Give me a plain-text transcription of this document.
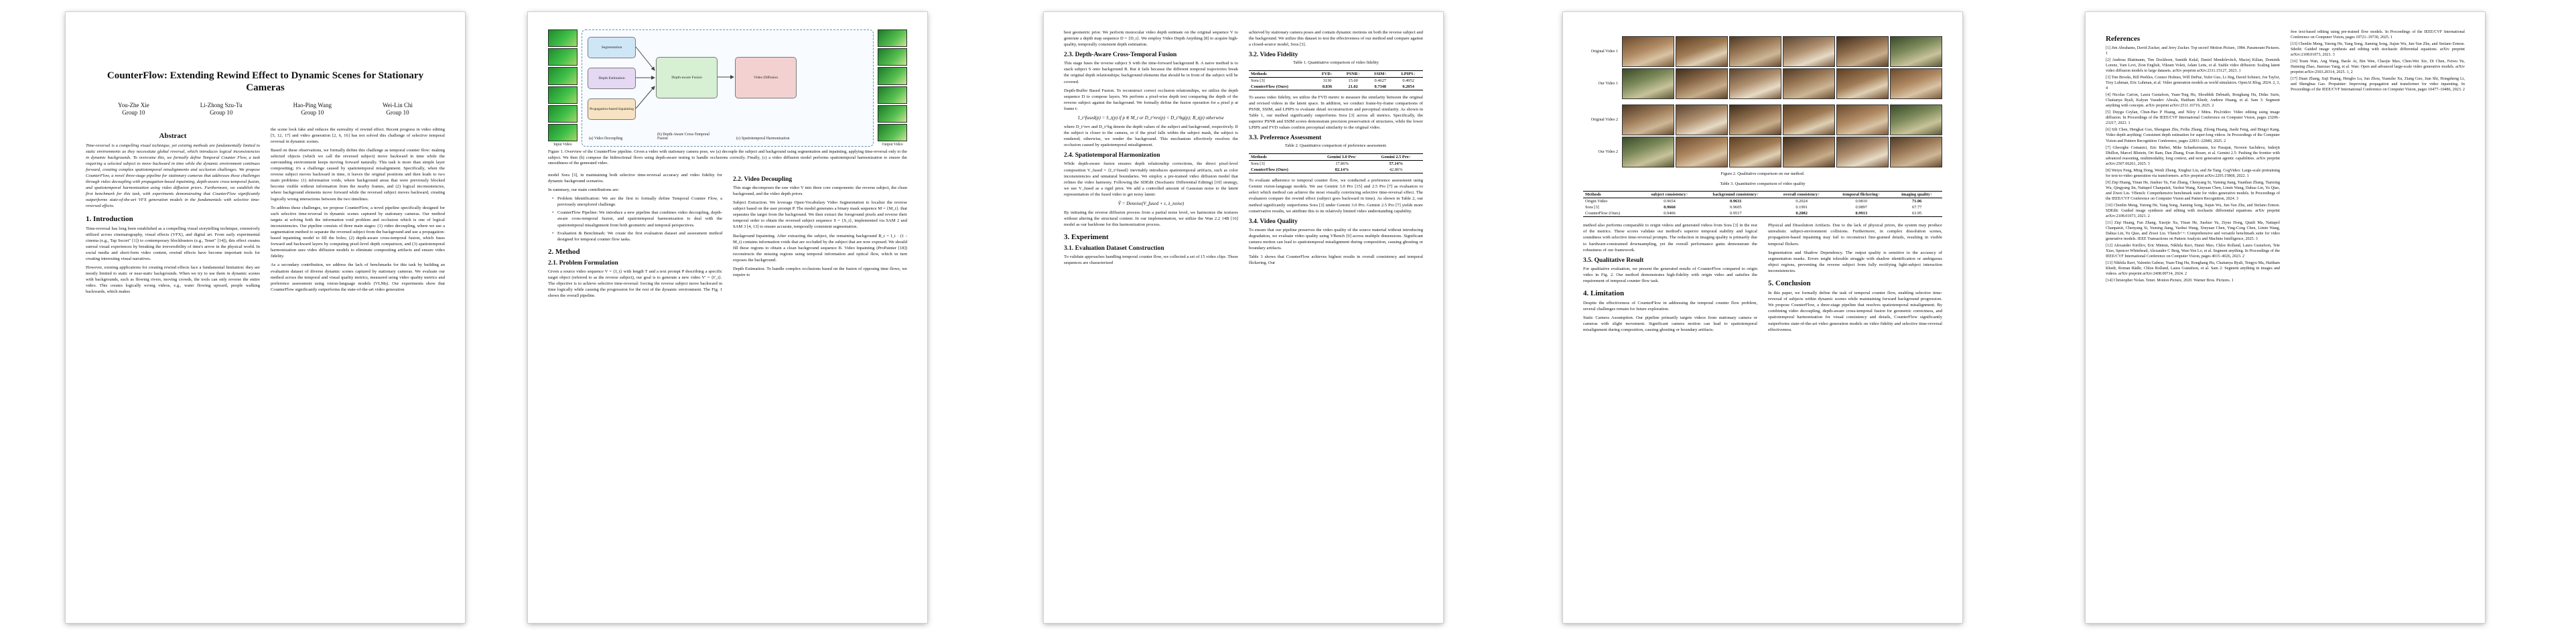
CounterFlow: Extending Rewind Effect to Dynamic Scenes for Stationary Cameras
You-Zhe Xie
Group 10
Li-Zhong Szu-Tu
Group 10
Hao-Ping Wang
Group 10
Wei-Lin Chi
Group 10
Abstract

Time-reversal is a compelling visual technique, yet existing methods are fundamentally limited to static environments as they necessitate global reversal, which introduces logical inconsistencies in dynamic backgrounds. To overcome this, we formally define Temporal Counter Flow, a task requiring a selected subject to move backward in time while the dynamic environment continues forward, creating complex spatiotemporal misalignments and occlusion challenges. We propose CounterFlow, a novel three-stage pipeline for stationary cameras that addresses these challenges through video decoupling with propagation-based inpainting, depth-aware cross-temporal fusion, and spatiotemporal harmonization using video diffusion priors. Furthermore, we establish the first benchmark for this task, with experiments demonstrating that CounterFlow significantly outperforms state-of-the-art VFX generation models in the fundamentals with selective time-reversed effects.

1. Introduction

Time-reversal has long been established as a compelling visual storytelling technique, extensively utilized across cinematography, visual effects (VFX), and digital art. From early experimental cinema (e.g., Tap Secret" [1]) to contemporary blockbusters (e.g., Tenet" [14]), this effect creates surreal visual experiences by breaking the irreversibility of time's arrow in the physical world. In social media and short-form video content, rewind effects have become important tools for creating interesting visual narratives.

However, existing applications for creating rewind effects face a fundamental limitation: they are mostly limited to static or near-static backgrounds. When we try to use them in dynamic scenes with backgrounds, such as flowing rivers, moving crowds, the tools can only reverse the entire video. This creates logically wrong videos, e.g., water flowing upward, people walking backwards, which makes

the scene look fake and reduces the surreality of rewind effect. Recent progress in video editing [5, 12, 17] and video generation [2, 6, 16] has not solved this challenge of selective temporal reversal in dynamic scenes.

Based on these observations, we formally define this challenge as temporal counter flow: making selected objects (which we call the reversed subject) move backward in time while the surrounding environment keeps moving forward naturally. This task is more than simple layer compositing; it's a challenge caused by spatiotemporal misalignment. Specifically, when the reverse subject moves backward in time, it leaves the original positions and then leads to two main problems: (1) information voids, where background areas that were previously blocked become visible without information from the nearby frames, and (2) logical inconsistencies, where background elements move forward while the reversed subject moves backward, creating logically wrong interactions between the two timelines.

To address these challenges, we propose CounterFlow, a novel pipeline specifically designed for such selective time-reversal in dynamic scenes captured by stationary cameras. Our method targets at solving both the information void problem and occlusion which is one of logical inconsistencies. Our pipeline consists of three main stages: (1) video decoupling, where we use a segmentation method to separate the reversed subject from the background and use a propagation-based inpainting model to fill the holes; (2) depth-aware cross-temporal fusion, which fuses forward and backward layers by computing pixel-level depth comparison, and (3) spatiotemporal harmonization uses video diffusion models to eliminate compositing artifacts and ensure video fidelity.

As a secondary contribution, we address the lack of benchmarks for this task by building an evaluation dataset of diverse dynamic scenes captured by stationary cameras. We evaluate our method across the temporal and visual quality metrics, measured using video quality metrics and preference assessment using vision-language models (VLMs). Our experiments show that CounterFlow significantly outperforms the state-of-the-art video generation

Input Video
Segmentation
Depth Estimation
Propagation-based Inpainting
Depth-aware Fusion	Video Diffusion
(a) Video Decoupling
(b) Depth-Aware Cross-Temporal Fusion	(c) Spatiotemporal Harmonization
Output Video

Figure 1. Overview of the CounterFlow pipeline. Given a video with stationary camera pose, we (a) decouple the subject and background using segmentation and inpainting, applying time-reversal only to the subject. We then (b) compose the bidirectional flows using depth-aware testing to handle occlusions correctly. Finally, (c) a video diffusion model performs spatiotemporal harmonization to ensure the smoothness of the generated video.

model Sora [3], in maintaining both selective time-reversal accuracy and video fidelity for dynamic background scenarios.

In summary, our main contributions are:

• Problem Identification: We are the first to formally define Temporal Counter Flow, a previously unexplored challenge.

• CounterFlow Pipeline: We introduce a new pipeline that combines video decoupling, depth-aware cross-temporal fusion, and spatiotemporal harmonization to deal with the spatiotemporal misalignment from both geometric and temporal perspectives.

• Evaluation & Benchmark: We create the first evaluation dataset and assessment method designed for temporal counter flow tasks.

2. Method
2.1. Problem Formulation

Given a source video sequence V = {I_t} with length T and a text prompt P describing a specific target object (referred to as the reverse subject), our goal is to generate a new video V' = {I'_t}. The objective is to achieve selective time-reversal: forcing the reverse subject move backward in time logically while causing the progression for the rest of the dynamic environment. The Fig. 1 shows the overall pipeline.

2.2. Video Decoupling

This stage decomposes the raw video V into three core components: the reverse subject, the clean background, and the video depth priors.

Subject Extraction. We leverage Open-Vocabulary Video Segmentation to localize the reverse subject based on the user prompt P. The model generates a binary mask sequence M = {M_t}. that separates the target from the background. We then extract the foreground pixels and reverse their temporal order to obtain the reversed subject sequence S = {S_t}, implemented via SAM 2 and SAM 3 [4, 13] to ensure accurate, temporally consistent segmentation.

Background Inpainting. After extracting the subject, the remaining background B_t = I_t · (1 - M_t) contains information voids that are occluded by the subject that are now exposed. We should fill these regions to obtain a clean background sequence B. Video Inpainting (ProPainter [18]) reconstructs the missing regions using temporal information and optical flow, which in turn exposes the background.

Depth Estimation. To handle complex occlusions based on the fusion of opposing time flows, we require to

best geometric prior. We perform monocular video depth estimate on the original sequence V to generate a depth map sequence D = {D_t}. We employ Video Depth Anything [8] to acquire high-quality, temporally consistent depth estimation.

2.3. Depth-Aware Cross-Temporal Fusion

This stage fuses the reverse subject S with the time-forward background B. A naive method is to stack subject S onto background B. But it fails because the different temporal trajectories break the original depth relationships; background elements that should be in front of the subject will be covered.

Depth-Buffer Based Fusion. To reconstruct correct occlusion relationships, we utilize the depth sequence D to compose layers. We perform a pixel-wise depth test comparing the depth of the reverse subject against the background. We formally define the fusion operation for a pixel p at frame t:

I_t^fused(p) = S_t(p) if p ∈ M_t or D_t^rev(p) < D_t^bg(p); B_t(p) otherwise

where D_t^rev and D_t^bg denote the depth values of the subject and background, respectively. If the subject is closer to the camera, or if the pixel falls within the subject mask, the subject is rendered; otherwise, we render the background. This mechanism effectively resolves the occlusion caused by spatiotemporal misalignment.

2.4. Spatiotemporal Harmonization

While depth-aware fusion ensures depth relationship corrections, the direct pixel-level composition V_fused = {I_t^fused} inevitably introduces spatiotemporal artifacts, such as color inconsistencies and unnatural boundaries. We employ a pre-trained video diffusion model that refines the video harmony. Following the SDEdit (Stochastic Differential Editing) [10] strategy, we use V_fused as a rigid prior. We add a controlled amount of Gaussian noise to the latent representation of the fused video to get noisy latent:

Ṽ = Denoise(V_fused + ε, λ_noise)

By initiating the reverse diffusion process from a partial noise level, we harmonize the textures without altering the structural content. In our implementation, we utilize the Wan 2.2 14B [16] model as our backbone for this harmonization process.

3. Experiment
3.1. Evaluation Dataset Construction

To validate approaches handling temporal counter flow, we collected a set of 15 video clips. These sequences are characterized

achieved by stationary camera poses and contain dynamic motions on both the reverse subject and the background. We utilize this dataset to test the effectiveness of our method and compare against a closed-source model, Sora [3].

3.2. Video Fidelity
Table 1. Quantitative comparison of video fidelity
Methods	FVD↓	PSNR↑	SSIM↑	LPIPS↓
Sora [3]	3130	15.60	0.4627	0.4952
CounterFlow (Ours)	8.836	21.02	0.7348	0.2054

To assess video fidelity, we utilize the FVD metric to measure the similarity between the original and revised videos in the latent space. In addition, we conduct frame-by-frame comparisons of PSNR, SSIM, and LPIPS to evaluate detail reconstruction and perceptual similarity. As shown in Table 1, our method significantly outperforms Sora [3] across all metrics. Specifically, the superior PSNR and SSIM scores demonstrate precision preservation of structures, while the lower LPIPS and FVD values confirm perceptual similarity to the original video.

3.3. Preference Assessment
Table 2. Quantitative comparison of preference assessment.
Methods	Gemini 3.0 Pro↑	Gemini 2.5 Pro↑
Sora [3]	17.86%	57.14%
CounterFlow (Ours)	82.14%	42.86%

To evaluate adherence to temporal counter flow, we conducted a preference assessment using Gemini vision-language models. We use Gemini 3.0 Pro [15] and 2.5 Pro [7] as evaluators to select which method can achieve the most visually convincing selective time-reversal effect. The evaluators compare the rewind effect (subject goes backward in time). As shown in Table 2, our method significantly outperforms Sora [3] under Gemini 3.0 Pro. Gemini 2.5 Pro [7] yields more conservative results, we attribute this to its relatively limited video understanding capability.

3.4. Video Quality

To ensure that our pipeline preserves the video quality of the source material without introducing degradation, we evaluate video quality using VBench [9] across multiple dimensions. Significant camera motion can lead to spatiotemporal misalignment during composition, causing ghosting or boundary artifacts.

Table 3 shows that CounterFlow achieves highest results in overall consistency and temporal flickering. Our

Original Video 1
Our Video 1
Original Video 2
Our Video 2
Figure 2. Qualitative comparison on our method.
Table 3. Quantitative comparison of video quality
Methods	subject consistency↑	background consistency↑	overall consistency↑	temporal flickering↑	imaging quality↑
Origin Video	0.9654	0.9631	0.2024	0.9810	71.06
Sora [3]	0.9660	0.9605	0.1991	0.9897	67.77
CounterFlow (Ours)	0.9406	0.9517	0.2082	0.9913	63.95

method also performs comparable to origin videos and generated videos from Sora [3] in the rest of the metrics. These scores validate our method's superior temporal stability and logical soundness with selective time-reversal prompts. The reduction in imaging quality is primarily due to hardware-constrained downsampling, yet the overall performance gains demonstrate the robustness of our framework.

3.5. Qualitative Result

For qualitative evaluation, we present the generated results of CounterFlow compared to origin video in Fig. 2. Our method demonstrates high-fidelity with origin video and satisfies the requirement of temporal counter flow task.

4. Limitation

Despite the effectiveness of CounterFlow in addressing the temporal counter flow problem, several challenges remain for future exploration.

Static Camera Assumption. Our pipeline primarily targets videos from stationary camera or cameras with slight movement. Significant camera motion can lead to spatiotemporal misalignment during composition, causing ghosting or boundary artifacts.

Physical and Dissolution Artifacts. Due to the lack of physical priors, the system may produce unrealistic subject-environment collisions. Furthermore, in complex dissolution scenes, propagation-based inpainting may fail to reconstruct fine-grained details, resulting in visible temporal flickers.

Segmentation and Shadow Dependency. The output quality is sensitive to the accuracy of segmentation masks. Errors might tolerable struggle with shadow identification or ambiguous object regions, preventing the reverse subject from fully rectifying light-subject interaction inconsistencies.

5. Conclusion

In this paper, we formally define the task of temporal counter flow, enabling selective time-reversal of subjects within dynamic scenes while maintaining forward background progression. We propose CounterFlow, a three-stage pipeline that resolves spatiotemporal misalignment. By combining video decoupling, depth-aware cross-temporal fusion for geometric correctness, and spatiotemporal harmonization for visual consistency and details, CounterFlow significantly outperforms state-of-the-art video generation models on video fidelity and selective time-reversal effectiveness.

References

[1] Jim Abrahams, David Zucker, and Jerry Zucker. Top secret! Motion Picture, 1984. Paramount Pictures. 1

[2] Andreas Blattmann, Tim Dockhorn, Sumith Kulal, Daniel Mendelevitch, Maciej Kilian, Dominik Lorenz, Yam Levi, Zion English, Vikram Voleti, Adam Letts, et al. Stable video diffusion: Scaling latent video diffusion models to large datasets. arXiv preprint arXiv:2311.15127, 2023. 1

[3] Tim Brooks, Bill Peebles, Connor Holmes, Will DePue, Yufei Guo, Li Jing, David Schnurr, Joe Taylor, Troy Luhman, Eric Luhman, et al. Video generation models as world simulators. OpenAI Blog, 2024. 2, 3, 4

[4] Nicolas Carion, Laura Gustafson, Yuan-Ting Hu, Shoubhik Debnath, Ronghang Hu, Didac Suris, Chaitanya Ryali, Kalyan Vasudev Alwala, Haitham Khedr, Andrew Huang, et al. Sam 3: Segment anything with concepts. arXiv preprint arXiv:2511.16719, 2025. 2

[5] Duygu Ceylan, Chun-Hao P Huang, and Niloy J Mitra. Pix2video: Video editing using image diffusion. In Proceedings of the IEEE/CVF International Conference on Computer Vision, pages 23206–23217, 2023. 1

[6] Sili Chen, Hengkai Guo, Shengnan Zhu, Feihu Zhang, Zilong Huang, Jiashi Feng, and Bingyi Kang. Video depth anything: Consistent depth estimation for super-long videos. In Proceedings of the Computer Vision and Pattern Recognition Conference, pages 22831–22840, 2025. 2

[7] Gheorghe Comanici, Eric Bieber, Mike Schaekermann, Ice Pasupat, Noveen Sachdeva, Inderjit Dhillon, Marcel Blistein, Ori Ram, Dan Zhang, Evan Rosen, et al. Gemini 2.5: Pushing the frontier with advanced reasoning, multimodality, long context, and next generation agentic capabilities. arXiv preprint arXiv:2507.06261, 2025. 3

[8] Weiyu Feng, Ming Dong, Wenli Zheng, Xinghui Liu, and Jie Tang. CogVideo: Large-scale pretraining for text-to-video generation via transformers. arXiv preprint arXiv:2205.15868, 2022. 1

[9] Ziqi Huang, Yinan He, Jiashuo Yu, Fan Zhang, Chenyang Si, Yuming Jiang, Yuanhan Zhang, Tianxing Wu, Qingyang Jin, Nattapol Chanpaisit, Yaohui Wang, Xinyuan Chen, Limin Wang, Dahua Lin, Yu Qiao, and Ziwei Liu. VBench: Comprehensive benchmark suite for video generative models. In Proceedings of the IEEE/CVF Conference on Computer Vision and Pattern Recognition, 2024. 3

[10] Chenlin Meng, Yutong He, Yang Song, Jiaming Song, Jiajun Wu, Jun-Yan Zhu, and Stefano Ermon. SDEdit: Guided image synthesis and editing with stochastic differential equations. arXiv preprint arXiv:2108.01073, 2021. 2

[11] Ziqi Huang, Fan Zhang, Xiaojie Xu, Yinan He, Jiashuo Yu, Ziyue Dong, Qianli Ma, Nattapol Chanpaisit, Chenyang Si, Yuming Jiang, Yaohui Wang, Xinyuan Chen, Ying-Cong Chen, Limin Wang, Dahua Lin, Yu Qiao, and Ziwei Liu. Vbench++: Comprehensive and versatile benchmark suite for video generative models. IEEE Transactions on Pattern Analysis and Machine Intelligence, 2025. 3

[12] Alexander Kirillov, Eric Mintun, Nikhila Ravi, Hanzi Mao, Chloe Rolland, Laura Gustafson, Tete Xiao, Spencer Whitehead, Alexander C Berg, Wan-Yen Lo, et al. Segment anything. In Proceedings of the IEEE/CVF International Conference on Computer Vision, pages 4015–4026, 2023. 2

[13] Nikhila Ravi, Valentin Gabeur, Yuan-Ting Hu, Ronghang Hu, Chaitanya Ryali, Tengyu Ma, Haitham Khedr, Roman Rädle, Chloe Rolland, Laura Gustafson, et al. Sam 2: Segment anything in images and videos. arXiv preprint arXiv:2408.00714, 2024. 2

[14] Christopher Nolan. Tenet. Motion Picture, 2020. Warner Bros. Pictures. 1

free text-based editing using pre-trained flow models. In Proceedings of the IEEE/CVF International Conference on Computer Vision, pages 19721–19730, 2025. 1

[15] Chenlin Meng, Yutong He, Yang Song, Jiaming Song, Jiajun Wu, Jun-Yan Zhu, and Stefano Ermon. Sdedit: Guided image synthesis and editing with stochastic differential equations. arXiv preprint arXiv:2108.01073, 2021. 3

[16] Team Wan, Ang Wang, Baole Ai, Bin Wen, Chaojie Mao, Chen-Wei Xie, Di Chen, Feiwu Yu, Haiming Zhao, Jianxiao Yang, et al. Wan: Open and advanced large-scale video generative models. arXiv preprint arXiv:2503.20314, 2025. 1, 2

[17] Duan Zhang, Jiaji Huang, Hengbo Lu, Jun Zhou, Yuanzhe Xu, Ziang Guo, Jian Shi, Hongsheng Li, and Shenghua Gao. Propainter: Improving propagation and transformer for video inpainting. In Proceedings of the IEEE/CVF International Conference on Computer Vision, pages 10477–10486, 2023. 2
